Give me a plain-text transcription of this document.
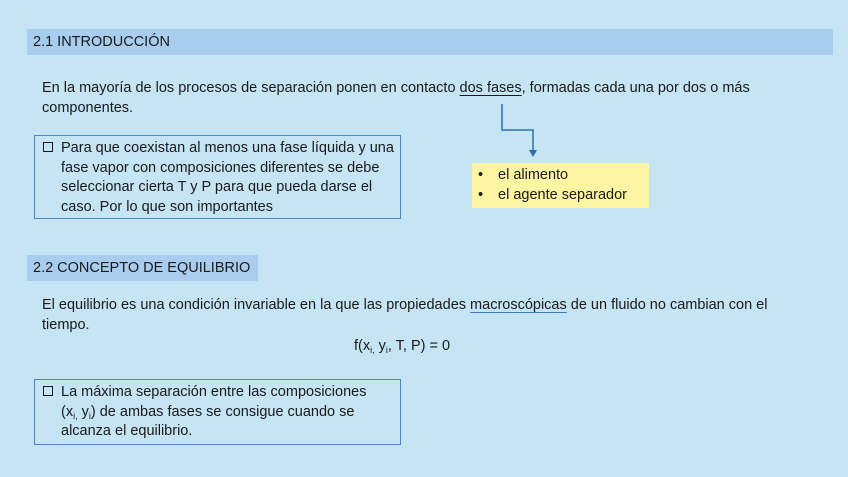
2.1 INTRODUCCIÓN
En la mayoría de los procesos de separación ponen en contacto dos fases, formadas cada una por dos o más componentes.
Para que coexistan al menos una fase líquida y una fase vapor con composiciones diferentes se debe seleccionar cierta T y P para que pueda darse el caso. Por lo que son importantes
• el alimento
• el agente separador
2.2 CONCEPTO DE EQUILIBRIO
El equilibrio es una condición invariable en la que las propiedades macroscópicas de un fluido no cambian con el tiempo.
$f(x_{i,}$ $y_i$, T, P) = 0
La máxima separación entre las composiciones
($x_{i,}$ $y_i$) de ambas fases se consigue cuando se alcanza el equilibrio.
